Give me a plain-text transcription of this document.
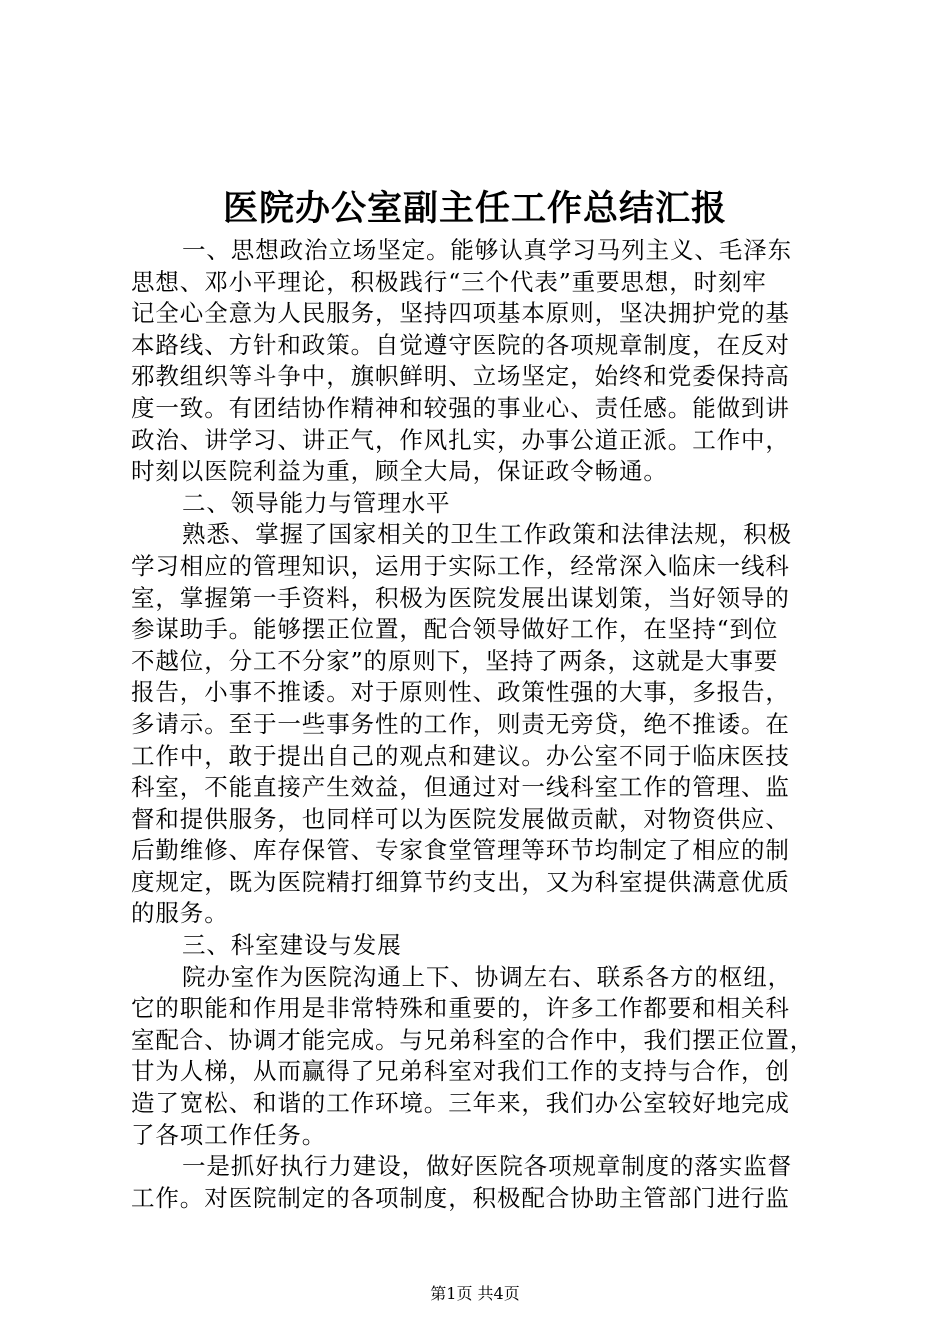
医院办公室副主任工作总结汇报
一、思想政治立场坚定。能够认真学习马列主义、毛泽东
思想、邓小平理论，积极践行“三个代表”重要思想，时刻牢
记全心全意为人民服务，坚持四项基本原则，坚决拥护党的基
本路线、方针和政策。自觉遵守医院的各项规章制度，在反对
邪教组织等斗争中，旗帜鲜明、立场坚定，始终和党委保持高
度一致。有团结协作精神和较强的事业心、责任感。能做到讲
政治、讲学习、讲正气，作风扎实，办事公道正派。工作中，
时刻以医院利益为重，顾全大局，保证政令畅通。
二、领导能力与管理水平
熟悉、掌握了国家相关的卫生工作政策和法律法规，积极
学习相应的管理知识，运用于实际工作，经常深入临床一线科
室，掌握第一手资料，积极为医院发展出谋划策，当好领导的
参谋助手。能够摆正位置，配合领导做好工作，在坚持“到位
不越位，分工不分家”的原则下，坚持了两条，这就是大事要
报告，小事不推诿。对于原则性、政策性强的大事，多报告，
多请示。至于一些事务性的工作，则责无旁贷，绝不推诿。在
工作中，敢于提出自己的观点和建议。办公室不同于临床医技
科室，不能直接产生效益，但通过对一线科室工作的管理、监
督和提供服务，也同样可以为医院发展做贡献，对物资供应、
后勤维修、库存保管、专家食堂管理等环节均制定了相应的制
度规定，既为医院精打细算节约支出，又为科室提供满意优质
的服务。
三、科室建设与发展
院办室作为医院沟通上下、协调左右、联系各方的枢纽，
它的职能和作用是非常特殊和重要的，许多工作都要和相关科
室配合、协调才能完成。与兄弟科室的合作中，我们摆正位置，
甘为人梯，从而赢得了兄弟科室对我们工作的支持与合作，创
造了宽松、和谐的工作环境。三年来，我们办公室较好地完成
了各项工作任务。
一是抓好执行力建设，做好医院各项规章制度的落实监督
工作。对医院制定的各项制度，积极配合协助主管部门进行监
第1页 共4页
